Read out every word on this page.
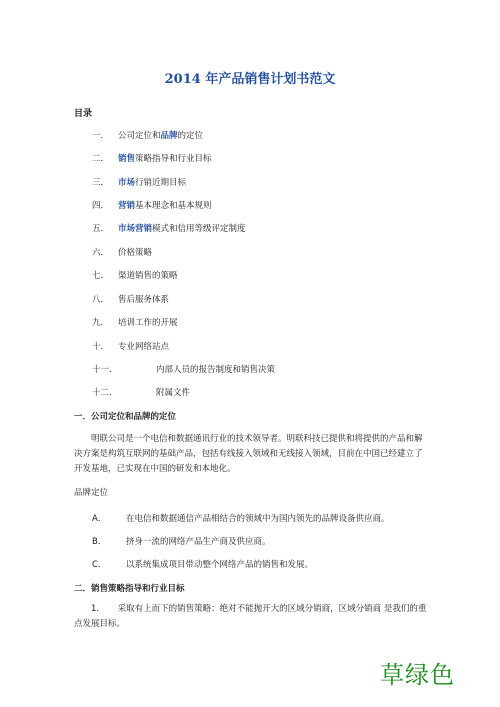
2014 年产品销售计划书范文
目录
一． 公司定位和品牌的定位
二． 销售策略指导和行业目标
三． 市场行销近期目标
四． 营销基本理念和基本规则
五． 市场营销模式和信用等级评定制度
六． 价格策略
七． 渠道销售的策略
八． 售后服务体系
九． 培训工作的开展
十． 专业网络站点
十一．	内部人员的报告制度和销售决策
十二．	附属文件
一．公司定位和品牌的定位

明联公司是一个电信和数据通讯行业的技术领导者。明联科技已提供和将提供的产品和解决方案是构筑互联网的基础产品，包括有线接入领域和无线接入领域，目前在中国已经建立了开发基地，已实现在中国的研发和本地化。

品牌定位

A． 在电信和数据通信产品相结合的领域中为国内领先的品牌设备供应商。

B． 挤身一流的网络产品生产商及供应商。

C． 以系统集成项目带动整个网络产品的销售和发展。

二．销售策略指导和行业目标

1．　　采取有上而下的销售策略：绝对不能抛开大的区域分销商，区域分销商 是我们的重点发展目标。

草绿色
